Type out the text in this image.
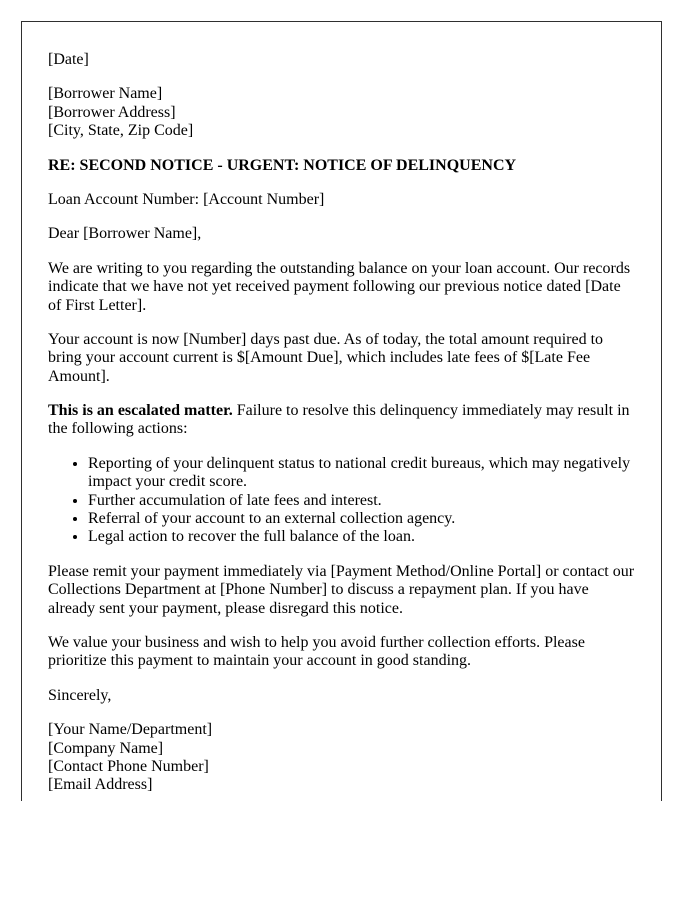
[Date]

[Borrower Name]
[Borrower Address]
[City, State, Zip Code]

RE: SECOND NOTICE - URGENT: NOTICE OF DELINQUENCY

Loan Account Number: [Account Number]

Dear [Borrower Name],

We are writing to you regarding the outstanding balance on your loan account. Our records indicate that we have not yet received payment following our previous notice dated [Date of First Letter].

Your account is now [Number] days past due. As of today, the total amount required to bring your account current is $[Amount Due], which includes late fees of $[Late Fee Amount].

This is an escalated matter. Failure to resolve this delinquency immediately may result in the following actions:

• Reporting of your delinquent status to national credit bureaus, which may negatively impact your credit score.
• Further accumulation of late fees and interest.
• Referral of your account to an external collection agency.
• Legal action to recover the full balance of the loan.

Please remit your payment immediately via [Payment Method/Online Portal] or contact our Collections Department at [Phone Number] to discuss a repayment plan. If you have already sent your payment, please disregard this notice.

We value your business and wish to help you avoid further collection efforts. Please prioritize this payment to maintain your account in good standing.

Sincerely,

[Your Name/Department]
[Company Name]
[Contact Phone Number]
[Email Address]
